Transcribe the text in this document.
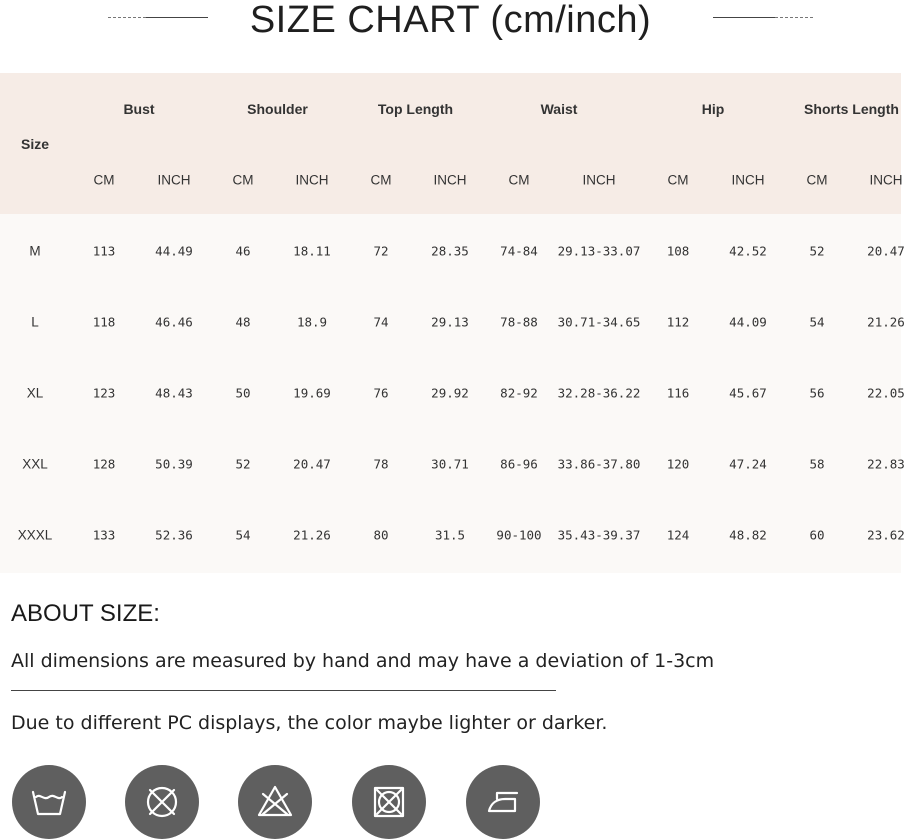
SIZE CHART (cm/inch)
Size
Bust
CM	INCH
Shoulder
CM	INCH
Top Length
CM	INCH
Waist
CM	INCH
Hip
CM	INCH
Shorts Length
CM	INCH
M	113	44.49	46	18.11	72	28.35	74-84 29.13-33.07 108	42.52	52	20.47
L	118	46.46	48	18.9	74	29.13	78-88 30.71-34.65 112	44.09	54	21.26
XL	123	48.43	50	19.69	76	29.92	82-92 32.28-36.22 116	45.67	56	22.05
XXL	128	50.39	52	20.47	78	30.71	86-96 33.86-37.80 120	47.24	58	22.83
XXXL	133	52.36	54	21.26	80	31.5	90-100 35.43-39.37 124	48.82	60	23.62
ABOUT SIZE:
All dimensions are measured by hand and may have a deviation of 1-3cm
Due to different PC displays, the color maybe lighter or darker.
